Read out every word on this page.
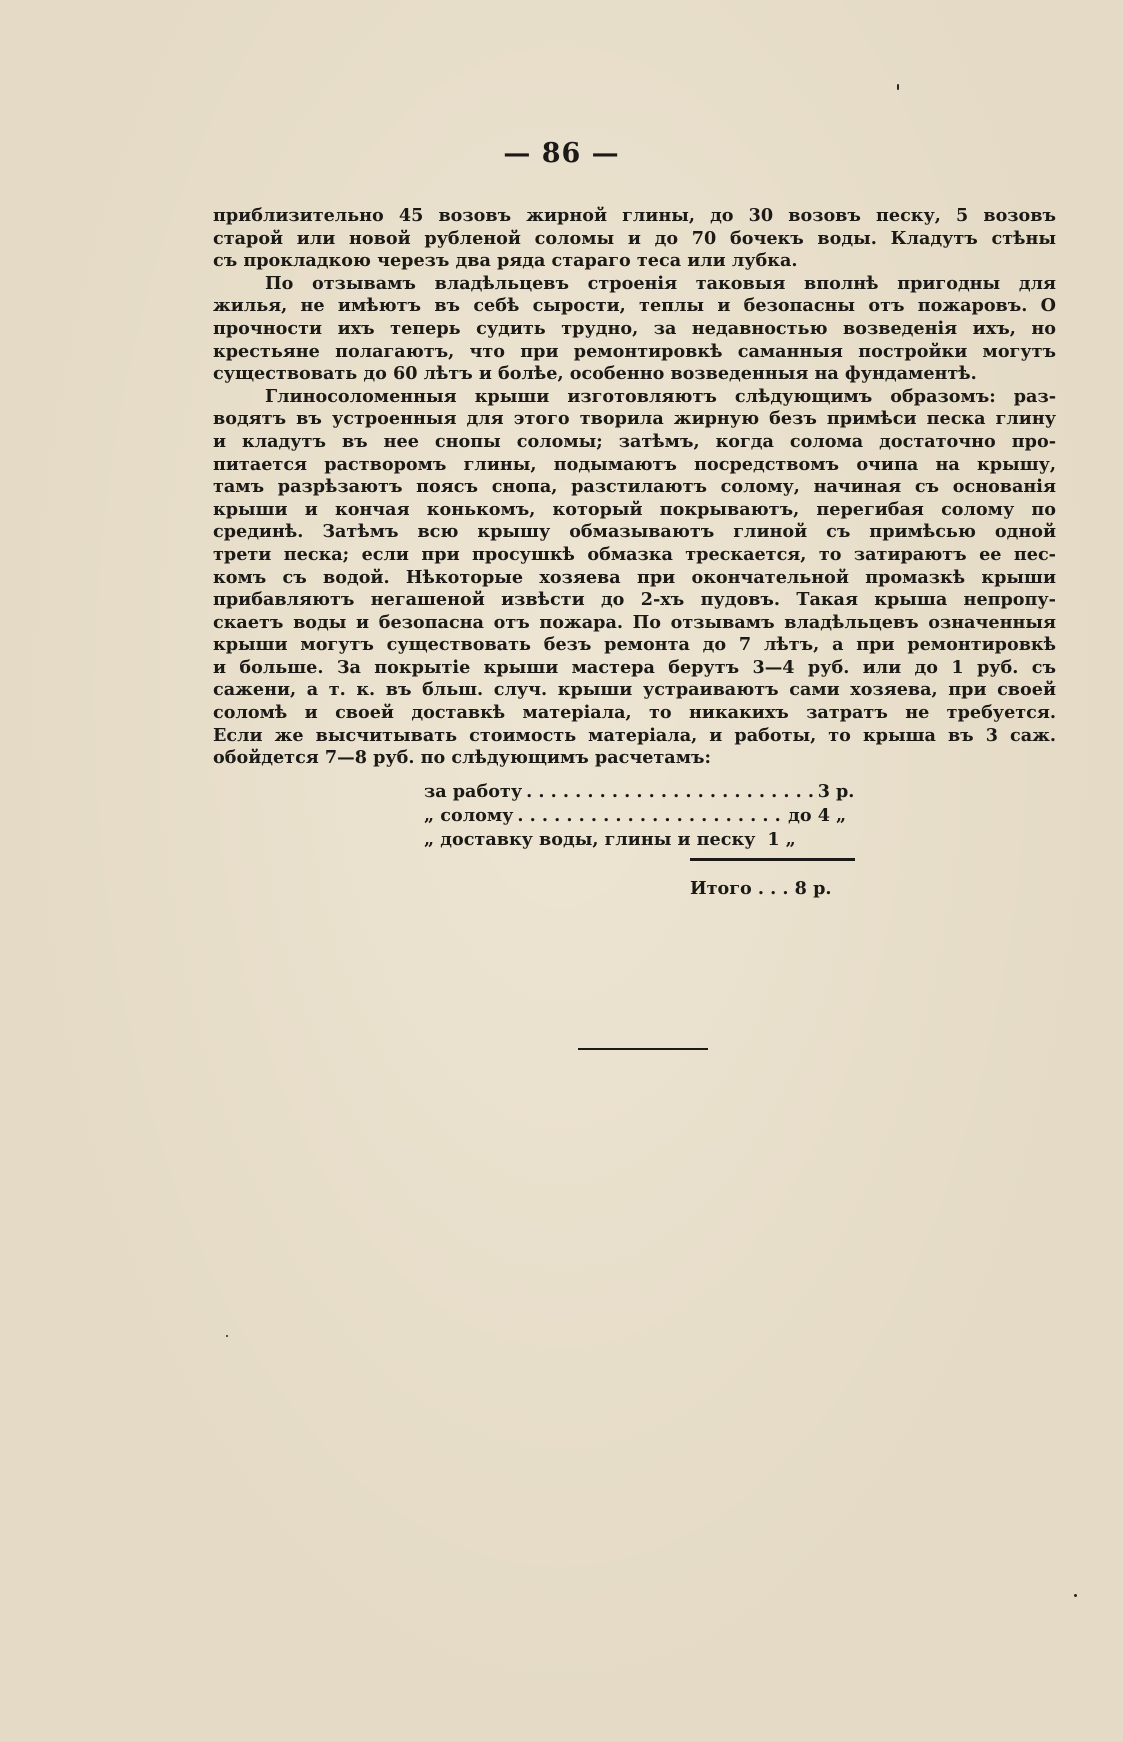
— 86 —
приблизительно 45 возовъ жирной глины, до 30 возовъ песку, 5 возовъ
старой или новой рубленой соломы и до 70 бочекъ воды. Кладутъ стѣны
съ прокладкою черезъ два ряда стараго теса или лубка.
По отзывамъ владѣльцевъ строенія таковыя вполнѣ пригодны для
жилья, не имѣютъ въ себѣ сырости, теплы и безопасны отъ пожаровъ. О
прочности ихъ теперь судить трудно, за недавностью возведенія ихъ, но
крестьяне полагаютъ, что при ремонтировкѣ саманныя постройки могутъ
существовать до 60 лѣтъ и болѣе, особенно возведенныя на фундаментѣ.
Глиносоломенныя крыши изготовляютъ слѣдующимъ образомъ: раз-
водятъ въ устроенныя для этого творила жирную безъ примѣси песка глину
и кладутъ въ нее снопы соломы; затѣмъ, когда солома достаточно про-
питается растворомъ глины, подымаютъ посредствомъ очипа на крышу,
тамъ разрѣзаютъ поясъ снопа, разстилаютъ солому, начиная съ основанія
крыши и кончая конькомъ, который покрываютъ, перегибая солому по
срединѣ. Затѣмъ всю крышу обмазываютъ глиной съ примѣсью одной
трети песка; если при просушкѣ обмазка трескается, то затираютъ ее пес-
комъ съ водой. Нѣкоторые хозяева при окончательной промазкѣ крыши
прибавляютъ негашеной извѣсти до 2-хъ пудовъ. Такая крыша непропу-
скаетъ воды и безопасна отъ пожара. По отзывамъ владѣльцевъ означенныя
крыши могутъ существовать безъ ремонта до 7 лѣтъ, а при ремонтировкѣ
и больше. За покрытіе крыши мастера берутъ 3—4 руб. или до 1 руб. съ
сажени, а т. к. въ бльш. случ. крыши устраиваютъ сами хозяева, при своей
соломѣ и своей доставкѣ матеріала, то никакихъ затратъ не требуется.
Если же высчитывать стоимость матеріала, и работы, то крыша въ 3 саж.
обойдется 7—8 руб. по слѣдующимъ расчетамъ:
за работу . . .	3 р.
„ солому . . .	до 4 „
„ доставку воды, глины и песку 1 „
Итого . . . 8 р.
